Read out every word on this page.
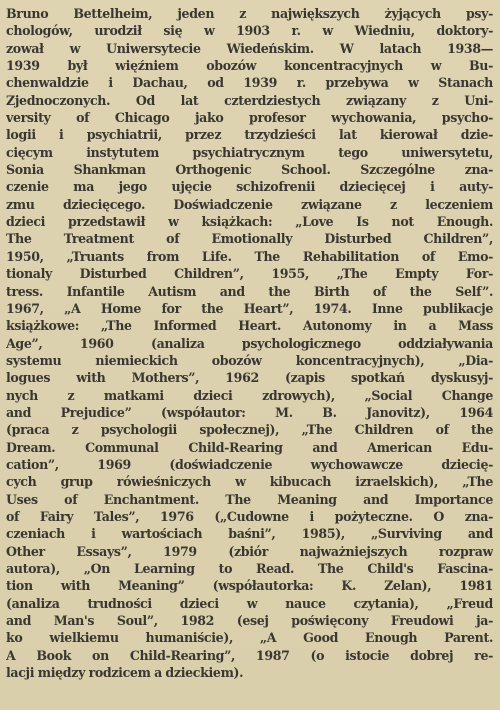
Bruno Bettelheim, jeden z największych żyjących psy-
chologów, urodził się w 1903 r. w Wiedniu, doktory-
zował w Uniwersytecie Wiedeńskim. W latach 1938—
1939 był więźniem obozów koncentracyjnych w Bu-
chenwaldzie i Dachau, od 1939 r. przebywa w Stanach
Zjednoczonych. Od lat czterdziestych związany z Uni-
versity of Chicago jako profesor wychowania, psycho-
logii i psychiatrii, przez trzydzieści lat kierował dzie-
cięcym instytutem psychiatrycznym tego uniwersytetu,
Sonia Shankman Orthogenic School. Szczególne zna-
czenie ma jego ujęcie schizofrenii dziecięcej i auty-
zmu dziecięcego. Doświadczenie związane z leczeniem
dzieci przedstawił w książkach: „Love Is not Enough.
The Treatment of Emotionally Disturbed Children”,
1950, „Truants from Life. The Rehabilitation of Emo-
tionaly Disturbed Children”, 1955, „The Empty For-
tress. Infantile Autism and the Birth of the Self”.
1967, „A Home for the Heart”, 1974. Inne publikacje
książkowe: „The Informed Heart. Autonomy in a Mass
Age”, 1960 (analiza psychologicznego oddziaływania
systemu niemieckich obozów koncentracyjnych), „Dia-
logues with Mothers”, 1962 (zapis spotkań dyskusyj-
nych z matkami dzieci zdrowych), „Social Change
and Prejudice” (współautor: M. B. Janovitz), 1964
(praca z psychologii społecznej), „The Children of the
Dream. Communal Child-Rearing and American Edu-
cation”, 1969 (doświadczenie wychowawcze dziecię-
cych grup rówieśniczych w kibucach izraelskich), „The
Uses of Enchantment. The Meaning and Importance
of Fairy Tales”, 1976 („Cudowne i pożyteczne. O zna-
czeniach i wartościach baśni”, 1985), „Surviving and
Other Essays”, 1979 (zbiór najważniejszych rozpraw
autora), „On Learning to Read. The Child's Fascina-
tion with Meaning” (współautorka: K. Zelan), 1981
(analiza trudności dzieci w nauce czytania), „Freud
and Man's Soul”, 1982 (esej poświęcony Freudowi ja-
ko wielkiemu humaniście), „A Good Enough Parent.
A Book on Child-Rearing”, 1987 (o istocie dobrej re-
lacji między rodzicem a dzieckiem).
